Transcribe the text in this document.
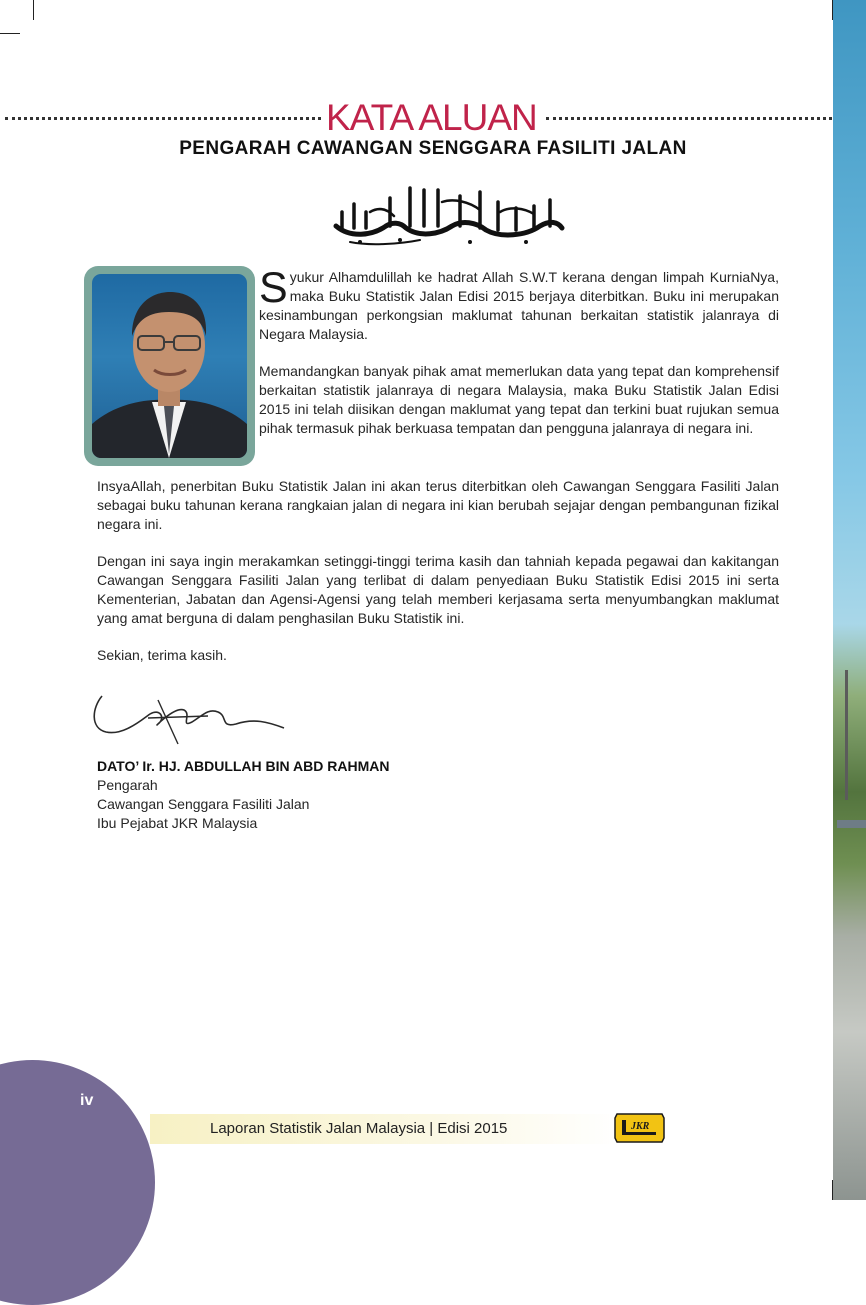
KATA ALUAN
PENGARAH CAWANGAN SENGGARA FASILITI JALAN
Syukur Alhamdulillah ke hadrat Allah S.W.T kerana dengan limpah KurniaNya, maka Buku Statistik Jalan Edisi 2015 berjaya diterbitkan. Buku ini merupakan kesinambungan perkongsian maklumat tahunan berkaitan statistik jalanraya di Negara Malaysia.

Memandangkan banyak pihak amat memerlukan data yang tepat dan komprehensif berkaitan statistik jalanraya di negara Malaysia, maka Buku Statistik Jalan Edisi 2015 ini telah diisikan dengan maklumat yang tepat dan terkini buat rujukan semua pihak termasuk pihak berkuasa tempatan dan pengguna jalanraya di negara ini.

InsyaAllah, penerbitan Buku Statistik Jalan ini akan terus diterbitkan oleh Cawangan Senggara Fasiliti Jalan sebagai buku tahunan kerana rangkaian jalan di negara ini kian berubah sejajar dengan pembangunan fizikal negara ini.

Dengan ini saya ingin merakamkan setinggi-tinggi terima kasih dan tahniah kepada pegawai dan kakitangan Cawangan Senggara Fasiliti Jalan yang terlibat di dalam penyediaan Buku Statistik Edisi 2015 ini serta Kementerian, Jabatan dan Agensi-Agensi yang telah memberi kerjasama serta menyumbangkan maklumat yang amat berguna di dalam penghasilan Buku Statistik ini.

Sekian, terima kasih.

DATO’ Ir. HJ. ABDULLAH BIN ABD RAHMAN
Pengarah
Cawangan Senggara Fasiliti Jalan
Ibu Pejabat JKR Malaysia
iv
Laporan Statistik Jalan Malaysia | Edisi 2015	JKR
